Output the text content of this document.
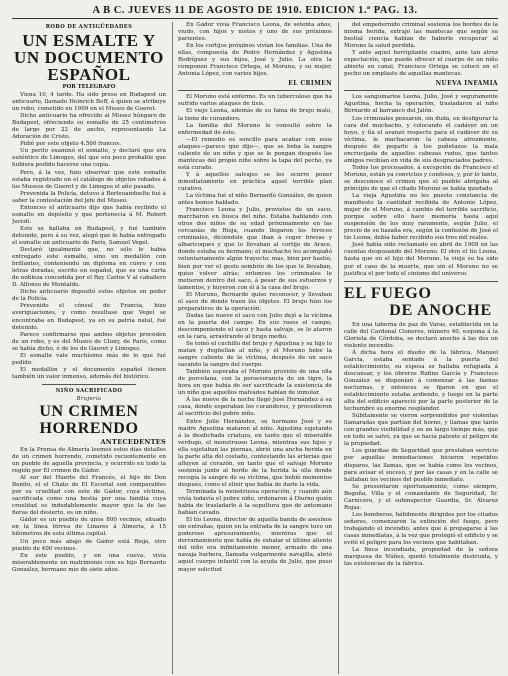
A B C. JUEVES 11 DE AGOSTO DE 1910. EDICION 1.ª PAG. 13.
ROBO DE ANTIGÜEDADES
UN ESMALTE Y UN DOCUMENTO ESPAÑOL
POR TELEGRAFO

Viena 10, 4 tarde. Ha sido preso en Budapest un anticuario, llamado Heinrich Beff, á quien se atribuye un robo, cometido en 1909 en el Museo de Gueret.

Dicho anticuario ha ofrecido al Museo húngaro de Budapest, ofreciendo su esmalte de 25 centímetros de largo por 22 de ancho, representando La Adoración de Cristo.

Pidió por este objeto 4.500 francos.

Un perito examinó el esmalte, y declaró que era auténtico de Limoges, del que era poco probable que hubiera podido hacerse una copia.

Pero, á la vez, hizo observar que este esmalte estaba registrado en el catálogo de objetos robados á los Museos de Gueret y de Limoges el año pasado.

Prevenida la Policía, detuvo á Berleuandoelte fué á saber la contestación del jefe del Museo.

Entonces el anticuario dijo que había recibido el esmalte en depósito y que pertenecía á M. Robert Juredí.

Este se hallaba en Budapest, y fué también detenido, pero á su vez, alegó que le había entregado el esmalte un anticuario de París, Samuel Vegel.

Declaró igualmente que, no sólo le había entregado este esmalte, sino un medallón con brillantes, conteniendo un diploma en cuero y con letras doradas, escrito en español, que es una carta de nobleza concedida por el Rey Carlos V al caballero D. Alfonso de Montaldo.

Dicho anticuario depositó estos objetos en poder de la Policía.

Prevenido el cónsul de Francia, hizo averiguaciones, y como resultase que Vegel se encontraba en Budapest, ya en su patria natal, fué detenido.

Parece confirmarse que ambos objetos proceden de un robo, y es del Museo de Cluny, de París, como se había dicho, ó de los de Gueret y Limoges.

El esmalte vale muchísimo más de lo que fué pedido.

El medallón y el documento español tienen también un valor inmenso, además del histórico.

NIÑO SACRIFICADO
Brujería
UN CRIMEN
HORRENDO
ANTECEDENTES

En la Prensa de Almería leemos estos días detalles de un crimen horrendo, cometido recientemente en un pueblo de aquella provincia, y ocurrido en todo la región por El crimen de Gádor.

Al sur del Huerto del Francés, el hijo de Don Benito, el el Chato de El Escorial son comparables por su crueldad con este de Gádor, cuya víctima, sacrificada como una bestia por una familia cuya crueldad es indudablemente mayor que la de las fieras del desierto, es un niño.

Gádor es un pueblo de unos 800 vecinos, situado en la línea férrea de Linares á Almería, á 15 kilómetros de esta última capital.

Un poco más abajo de Gádor está Rioja, otro pueblo de 400 vecinos.

En este pueblo, y en una cueva, vivía miserablemente un matrimonio con su hijo Bernardo González, hermano mío de siete años.

En Gádor vivía Francisco Leona, de setenta años, viudo, con hijos y nietos y uno de sus próximos parientes.

En los cortijos próximos vivían los familias. Una de ellas, compuesta de Pedro Hernández y Agustina Rodríguez y sus hijos, José y Julio. La otra la componen Francisco Ortega, el Moruno, y su mujer, Antonia López, con varios hijos.

EL CRIMEN

El Moruno está enfermo. Es un tuberculoso que ha sufrido varios ataques de tisis.

El viejo Leona, además de su fama de brujo malo, la tiene de curandero.

La familia del Moruno le consultó sobre la enfermedad de éste.

—El remedio es sencillo para acabar con esos ataques—parece que dijo—, que se beba la sangre caliente de un niño y que se le pongan después las mantecas del propio niño sobre la tapa del pecho, ya está curado.

Y á aquellos salvajes se les ocurre poner inmediatamente en práctica aquel terrible plan curativo.

La víctima fué el niño Bernardo González, de quien antes hemos hablado.

Francisco Leona y Julio, provistos de un saco, marcharon en busca del niño. Estaba hablando con otros dos niños de su edad próximamente en las cercanías de Rioja, cuando llegaron los feroces criminales, diciéndole que iban á coger brevas y albaricoques y que lo llevaban al cortijo de Arace, donde estaba su hermano; el muchacho los acompañó voluntariamente algún trayecto; mas, bien por hastío, bien por ver el gesto sombrío de los que le llevaban, quiso volver atrás; entonces los criminales le metieron dentro del saco, á pesar de sus esfuerzos y lamentos, y huyeron con él á la casa del brujo.

El Moruno, Bernardo quiso reconocer, y llevaban el saco de donde traen los objetos. El brujo hizo los preparativos de la operación.

Dadas las nueve el saco con Julio dejó a la víctima en la puerta del campo. En sus rasos el campo, descomponiendo el saco y hasta salvaje, se lo ataron en la cara, arrastrando al brujo medio.

Se tomó el cuchillo del brujo y Agustina y su hijo lo matan y degüellan al niño, y el Moruno bebe la sangre caliente de la víctima, después de un saco sacando la sangre del cuerpo.

También esperaba el Moruno provisto de una olla de porcelana, con la perseverancia de un tigre, la hora en que había de ser sacrificado la existencia de un niño que aquellos malvados habían de inmolar.

Á las nueve de la noche llegó José Hernández á su casa, donde esperaban los curanderos, y procedieron al sacrificio del pobre niño.

Entre Julio Hernández, su hermano José y su madre Agustina mataron al niño. Agustina sujetando á la desdichada criatura, en tanto que el miserable verdugo, el monstruoso Leona, mientras sus hijos y ella sujetaban las piernas, abrió una ancha herida en la parte alta del costado, contestando las arterias que afluyen al corazón, en tanto que el salvaje Moruno sostenía junto al borde de la herida la olla donde recogía la sangre de su víctima, que bebió momentos después, como el elixir que había de darle la vida.

Terminada la monstruosa operación, y cuando aún vivía todavía el pobre niño, ordenaron á Diurno quién había de trasladarlo á la sepultura que de antemano habían cavado.

El tío Leona, director de aquella banda de asesinos sin entrañas, quien en la entrada de la sangre tuvo un poderoso apresuramiento, mientras que el derramamiento que había de exhalar el último aliento del niño era infinitamente menor, armado de una navaja barbera, llamada vulgarmente navajilla, abrió aquel cuerpo infantil con la ayuda de Julio, que puso mayor solicitud

del empedernido criminal sostenía los bordes de la misma herida, extrajo las mantecas que según su bestial ciencia habían de haberle recuperar al Moruno la salud perdida.

Y ante aquel horripilante cuadro, ante tan atroz expectación, que puede ofrecer el cuerpo de un niño abierto en canal, Francisco Ortega se colocó en el pecho un emplasto de aquellas mantecas.

NUEVA INFAMIA

Los sanguinarios Leona, Julio, José y seguramente Agustina, hecha la operación, trasladaron al niño Bernardo al barranco del Jalón.

Los criminales pensaron, sin duda, en desfigurar la cara del muchacho, y colocando el cadáver en un hoyo, y tía el avanzó respecto para el cadáver de su víctima, le machacaron la cabeza atrozmente, después de pegarle á los puñetazos la mala encrucijada de aquellos cabezas rudos, que tantos amigos recibían en vida de sus desgraciados padres.

Todos los procesados, á excepción de Francisco el Moruno, están ya convictos y confesos, y, por lo tanto, se desconoce el crimen que el pueblo abrigaba al principio de que el citado Moruno se había quedado.

La vieja Agustina no les puesto constancia de manifiesto la cantidad recibida de Antonio López, mujer de el Moruno, á cambio del terrible sacrificio, porque sobre ello hace memoria hasta aquí suspensión de los muy raramente, según Julio, el precio de su hazaña era, según la confesión de José el tío Leona, debía haber recibido sus tres mil reales.

José había sido reclamado en abril de 1909 en las cuentas desposando del Moruno. El otro el tío Leona, hasta que en el hijo del Moruno, la vieja su ha sido por el caso de la muerte, que sin el Moruno no se justifica el por todo el cinismo del universo.

EL FUEGO
DE ANOCHE

En una taberna de paz de Varas, establecida en la calle del Cardenal Cisneros, número 40, esquina á la Glorieta de Córdoba, se declaró anoche á las dos un violento incendio.

Á dicha hora el dueño de la fábrica, Manuel García, estaba sentado á la puerta del establecimiento; su esposa se hallaba refugiada á descansar, y los obreros Rufino García y Francisco González se disponían á comenzar á las faenas nocturnas, y entonces se fijaron en que el establecimiento estaba ardiendo, y luego en la parte alta del edificio apareció por la parte posterior de la techumbre su enorme resplandor.

Súbitamente se vieron sorprendidos por violentas llamaradas que partían del horno, y llamas que tanto con grandes visibilidad y en un largo tiempo más, que en todo se salvó, ya que se hacía patente el peligro de la propiedad.

Los guardias de Seguridad que prestaban servicio por aquellas inmediaciones hicieron repetidos disparos, las llamas, que se había como los vecinos, para avisar el suceso, y por las casas y en la calle se hallaban los vecinos del pueblo inmediato.

Se presentaron oportunamente, como siempre, Begoña, Villa y el comandante de Seguridad, Sr. Carnicero, y el subinspector Guardia, Sr. Álvarez Rojas.

Los bomberos, hábilmente dirigidos por los citados señores, comenzaron la extinción del fuego, pero trabajando el incendio, antes que á propagarse á las casas inmediatas, á la vez que protegió el edificio y se evitó el peligro para los vecinos que habitaban.

La finca incendiada, propiedad de la señora marquesa de Núñez, quedó totalmente destruida, y las existencias de la fábrica.
